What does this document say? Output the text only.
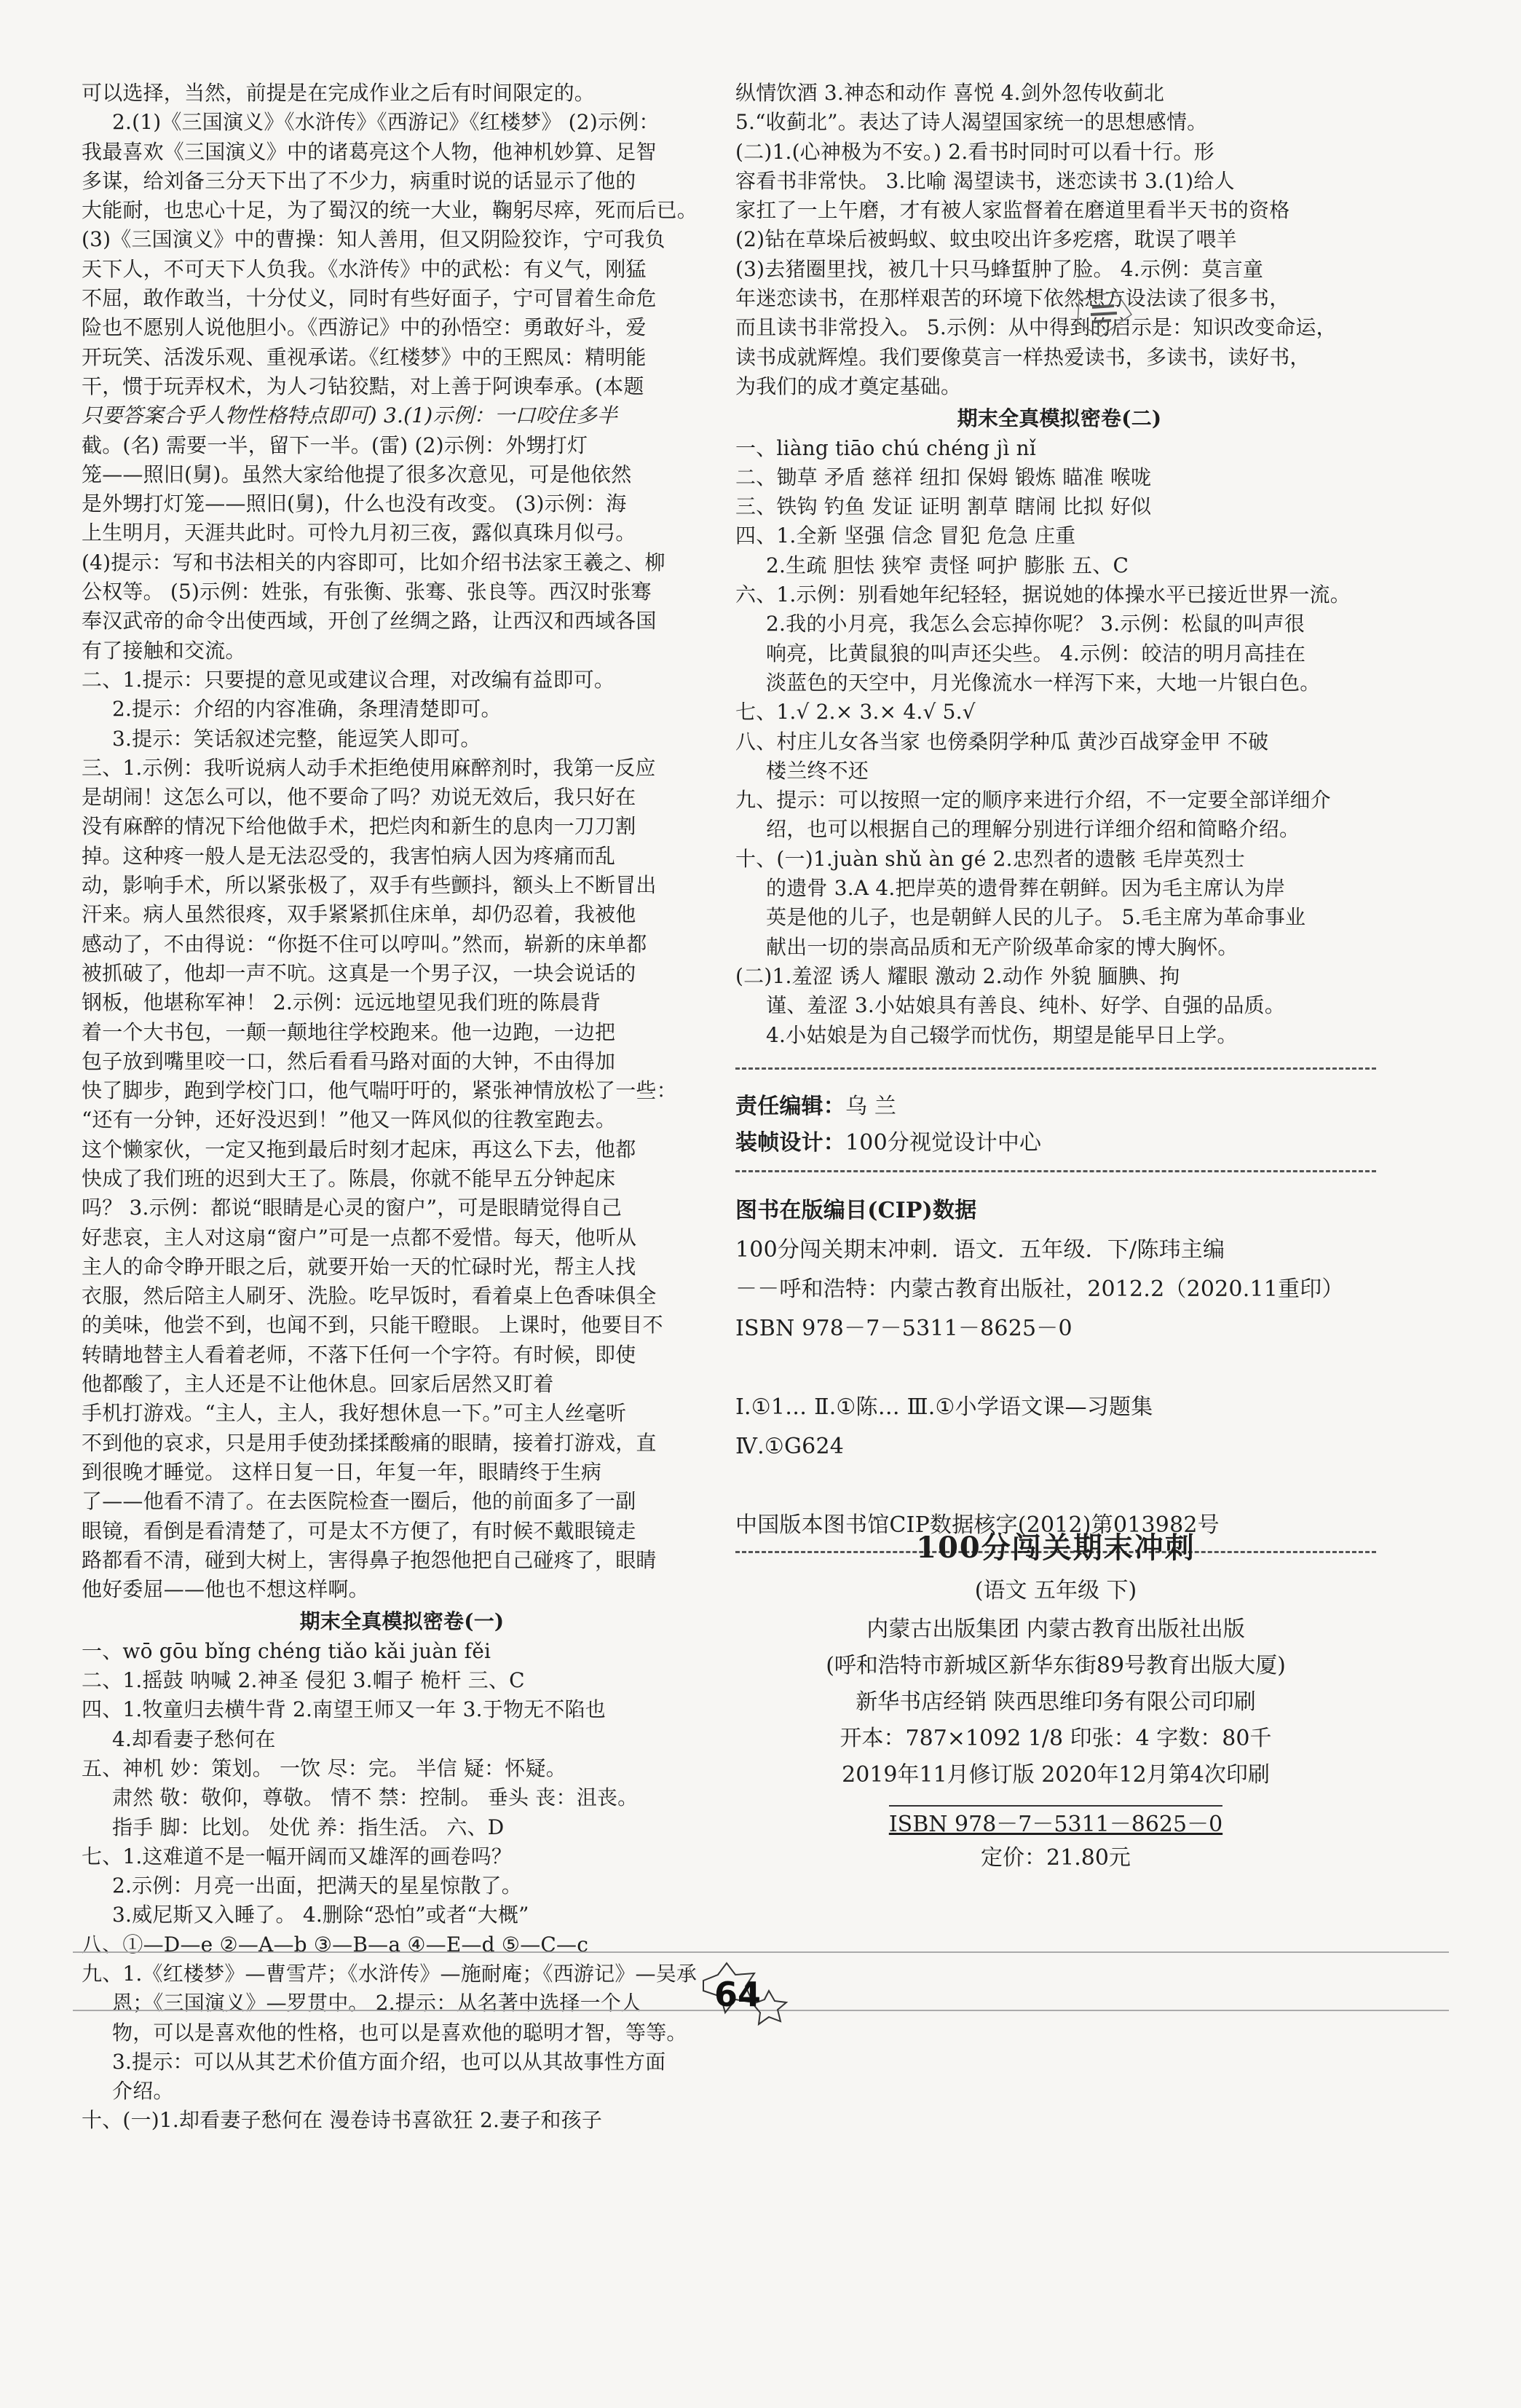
可以选择，当然，前提是在完成作业之后有时间限定的。
2.(1)《三国演义》《水浒传》《西游记》《红楼梦》 (2)示例：
我最喜欢《三国演义》中的诸葛亮这个人物，他神机妙算、足智
多谋，给刘备三分天下出了不少力，病重时说的话显示了他的
大能耐，也忠心十足，为了蜀汉的统一大业，鞠躬尽瘁，死而后已。
(3)《三国演义》中的曹操：知人善用，但又阴险狡诈，宁可我负
天下人，不可天下人负我。《水浒传》中的武松：有义气，刚猛
不屈，敢作敢当，十分仗义，同时有些好面子，宁可冒着生命危
险也不愿别人说他胆小。《西游记》中的孙悟空：勇敢好斗，爱
开玩笑、活泼乐观、重视承诺。《红楼梦》中的王熙凤：精明能
干，惯于玩弄权术，为人刁钻狡黠，对上善于阿谀奉承。(本题
只要答案合乎人物性格特点即可) 3.(1)示例：一口咬住多半
截。(名) 需要一半，留下一半。(雷) (2)示例：外甥打灯
笼——照旧(舅)。虽然大家给他提了很多次意见，可是他依然
是外甥打灯笼——照旧(舅)，什么也没有改变。 (3)示例：海
上生明月，天涯共此时。可怜九月初三夜，露似真珠月似弓。
(4)提示：写和书法相关的内容即可，比如介绍书法家王羲之、柳
公权等。 (5)示例：姓张，有张衡、张骞、张良等。西汉时张骞
奉汉武帝的命令出使西域，开创了丝绸之路，让西汉和西域各国
有了接触和交流。
二、1.提示：只要提的意见或建议合理，对改编有益即可。
2.提示：介绍的内容准确，条理清楚即可。
3.提示：笑话叙述完整，能逗笑人即可。
三、1.示例：我听说病人动手术拒绝使用麻醉剂时，我第一反应
是胡闹！这怎么可以，他不要命了吗？劝说无效后，我只好在
没有麻醉的情况下给他做手术，把烂肉和新生的息肉一刀刀割
掉。这种疼一般人是无法忍受的，我害怕病人因为疼痛而乱
动，影响手术，所以紧张极了，双手有些颤抖，额头上不断冒出
汗来。病人虽然很疼，双手紧紧抓住床单，却仍忍着，我被他
感动了，不由得说：“你挺不住可以哼叫。”然而，崭新的床单都
被抓破了，他却一声不吭。这真是一个男子汉，一块会说话的
钢板，他堪称军神！ 2.示例：远远地望见我们班的陈晨背
着一个大书包，一颠一颠地往学校跑来。他一边跑，一边把
包子放到嘴里咬一口，然后看看马路对面的大钟，不由得加
快了脚步，跑到学校门口，他气喘吁吁的，紧张神情放松了一些：
“还有一分钟，还好没迟到！”他又一阵风似的往教室跑去。
这个懒家伙，一定又拖到最后时刻才起床，再这么下去，他都
快成了我们班的迟到大王了。陈晨，你就不能早五分钟起床
吗？ 3.示例：都说“眼睛是心灵的窗户”，可是眼睛觉得自己
好悲哀，主人对这扇“窗户”可是一点都不爱惜。每天，他听从
主人的命令睁开眼之后，就要开始一天的忙碌时光，帮主人找
衣服，然后陪主人刷牙、洗脸。吃早饭时，看着桌上色香味俱全
的美味，他尝不到，也闻不到，只能干瞪眼。 上课时，他要目不
转睛地替主人看着老师，不落下任何一个字符。有时候，即使
他都酸了，主人还是不让他休息。回家后居然又盯着
手机打游戏。“主人，主人，我好想休息一下。”可主人丝毫听
不到他的哀求，只是用手使劲揉揉酸痛的眼睛，接着打游戏，直
到很晚才睡觉。 这样日复一日，年复一年，眼睛终于生病
了——他看不清了。在去医院检查一圈后，他的前面多了一副
眼镜，看倒是看清楚了，可是太不方便了，有时候不戴眼镜走
路都看不清，碰到大树上，害得鼻子抱怨他把自己碰疼了，眼睛
他好委屈——他也不想这样啊。
期末全真模拟密卷(一)
一、wō gōu bǐng chéng tiǎo kǎi juàn fěi
二、1.摇鼓 呐喊 2.神圣 侵犯 3.帽子 桅杆 三、C
四、1.牧童归去横牛背 2.南望王师又一年 3.于物无不陷也
4.却看妻子愁何在
五、神机 妙：策划。 一饮 尽：完。 半信 疑：怀疑。
肃然 敬：敬仰，尊敬。 情不 禁：控制。 垂头 丧：沮丧。
指手 脚：比划。 处优 养：指生活。 六、D
七、1.这难道不是一幅开阔而又雄浑的画卷吗？
2.示例：月亮一出面，把满天的星星惊散了。
3.威尼斯又入睡了。 4.删除“恐怕”或者“大概”
八、①—D—e ②—A—b ③—B—a ④—E—d ⑤—C—c
九、1.《红楼梦》—曹雪芹；《水浒传》—施耐庵；《西游记》—吴承
恩；《三国演义》—罗贯中。 2.提示：从名著中选择一个人
物，可以是喜欢他的性格，也可以是喜欢他的聪明才智，等等。
3.提示：可以从其艺术价值方面介绍，也可以从其故事性方面
介绍。
十、(一)1.却看妻子愁何在 漫卷诗书喜欲狂 2.妻子和孩子
纵情饮酒 3.神态和动作 喜悦 4.剑外忽传收蓟北
5.“收蓟北”。表达了诗人渴望国家统一的思想感情。
(二)1.(心神极为不安。) 2.看书时同时可以看十行。形
容看书非常快。 3.比喻 渴望读书，迷恋读书 3.(1)给人
家扛了一上午磨，才有被人家监督着在磨道里看半天书的资格
(2)钻在草垛后被蚂蚁、蚊虫咬出许多疙瘩，耽误了喂羊
(3)去猪圈里找，被几十只马蜂蜇肿了脸。 4.示例：莫言童
年迷恋读书，在那样艰苦的环境下依然想方设法读了很多书，
而且读书非常投入。 5.示例：从中得到的启示是：知识改变命运，
读书成就辉煌。我们要像莫言一样热爱读书，多读书，读好书，
为我们的成才奠定基础。
期末全真模拟密卷(二)
一、liàng tiāo chú chéng jì nǐ
二、锄草 矛盾 慈祥 纽扣 保姆 锻炼 瞄准 喉咙
三、铁钩 钓鱼 发证 证明 割草 瞎闹 比拟 好似
四、1.全新 坚强 信念 冒犯 危急 庄重
2.生疏 胆怯 狭窄 责怪 呵护 膨胀 五、C
六、1.示例：别看她年纪轻轻，据说她的体操水平已接近世界一流。
2.我的小月亮，我怎么会忘掉你呢？ 3.示例：松鼠的叫声很
响亮，比黄鼠狼的叫声还尖些。 4.示例：皎洁的明月高挂在
淡蓝色的天空中，月光像流水一样泻下来，大地一片银白色。
七、1.√ 2.× 3.× 4.√ 5.√
八、村庄儿女各当家 也傍桑阴学种瓜 黄沙百战穿金甲 不破
楼兰终不还
九、提示：可以按照一定的顺序来进行介绍，不一定要全部详细介
绍，也可以根据自己的理解分别进行详细介绍和简略介绍。
十、(一)1.juàn shǔ àn gé 2.忠烈者的遗骸 毛岸英烈士
的遗骨 3.A 4.把岸英的遗骨葬在朝鲜。因为毛主席认为岸
英是他的儿子，也是朝鲜人民的儿子。 5.毛主席为革命事业
献出一切的崇高品质和无产阶级革命家的博大胸怀。
(二)1.羞涩 诱人 耀眼 激动 2.动作 外貌 腼腆、拘
谨、羞涩 3.小姑娘具有善良、纯朴、好学、自强的品质。
4.小姑娘是为自己辍学而忧伤，期望是能早日上学。
责任编辑：乌 兰
装帧设计：100分视觉设计中心
图书在版编目(CIP)数据
100分闯关期末冲刺．语文．五年级．下/陈玮主编
－－呼和浩特：内蒙古教育出版社，2012.2（2020.11重印）
ISBN 978－7－5311－8625－0
Ⅰ.①1… Ⅱ.①陈… Ⅲ.①小学语文课—习题集
Ⅳ.①G624
中国版本图书馆CIP数据核字(2012)第013982号
100分闯关期末冲刺
(语文 五年级 下)
内蒙古出版集团 内蒙古教育出版社出版
(呼和浩特市新城区新华东街89号教育出版大厦)
新华书店经销 陕西思维印务有限公司印刷
开本：787×1092 1/8 印张：4 字数：80千
2019年11月修订版 2020年12月第4次印刷
ISBN 978－7－5311－8625－0
定价：21.80元
64
